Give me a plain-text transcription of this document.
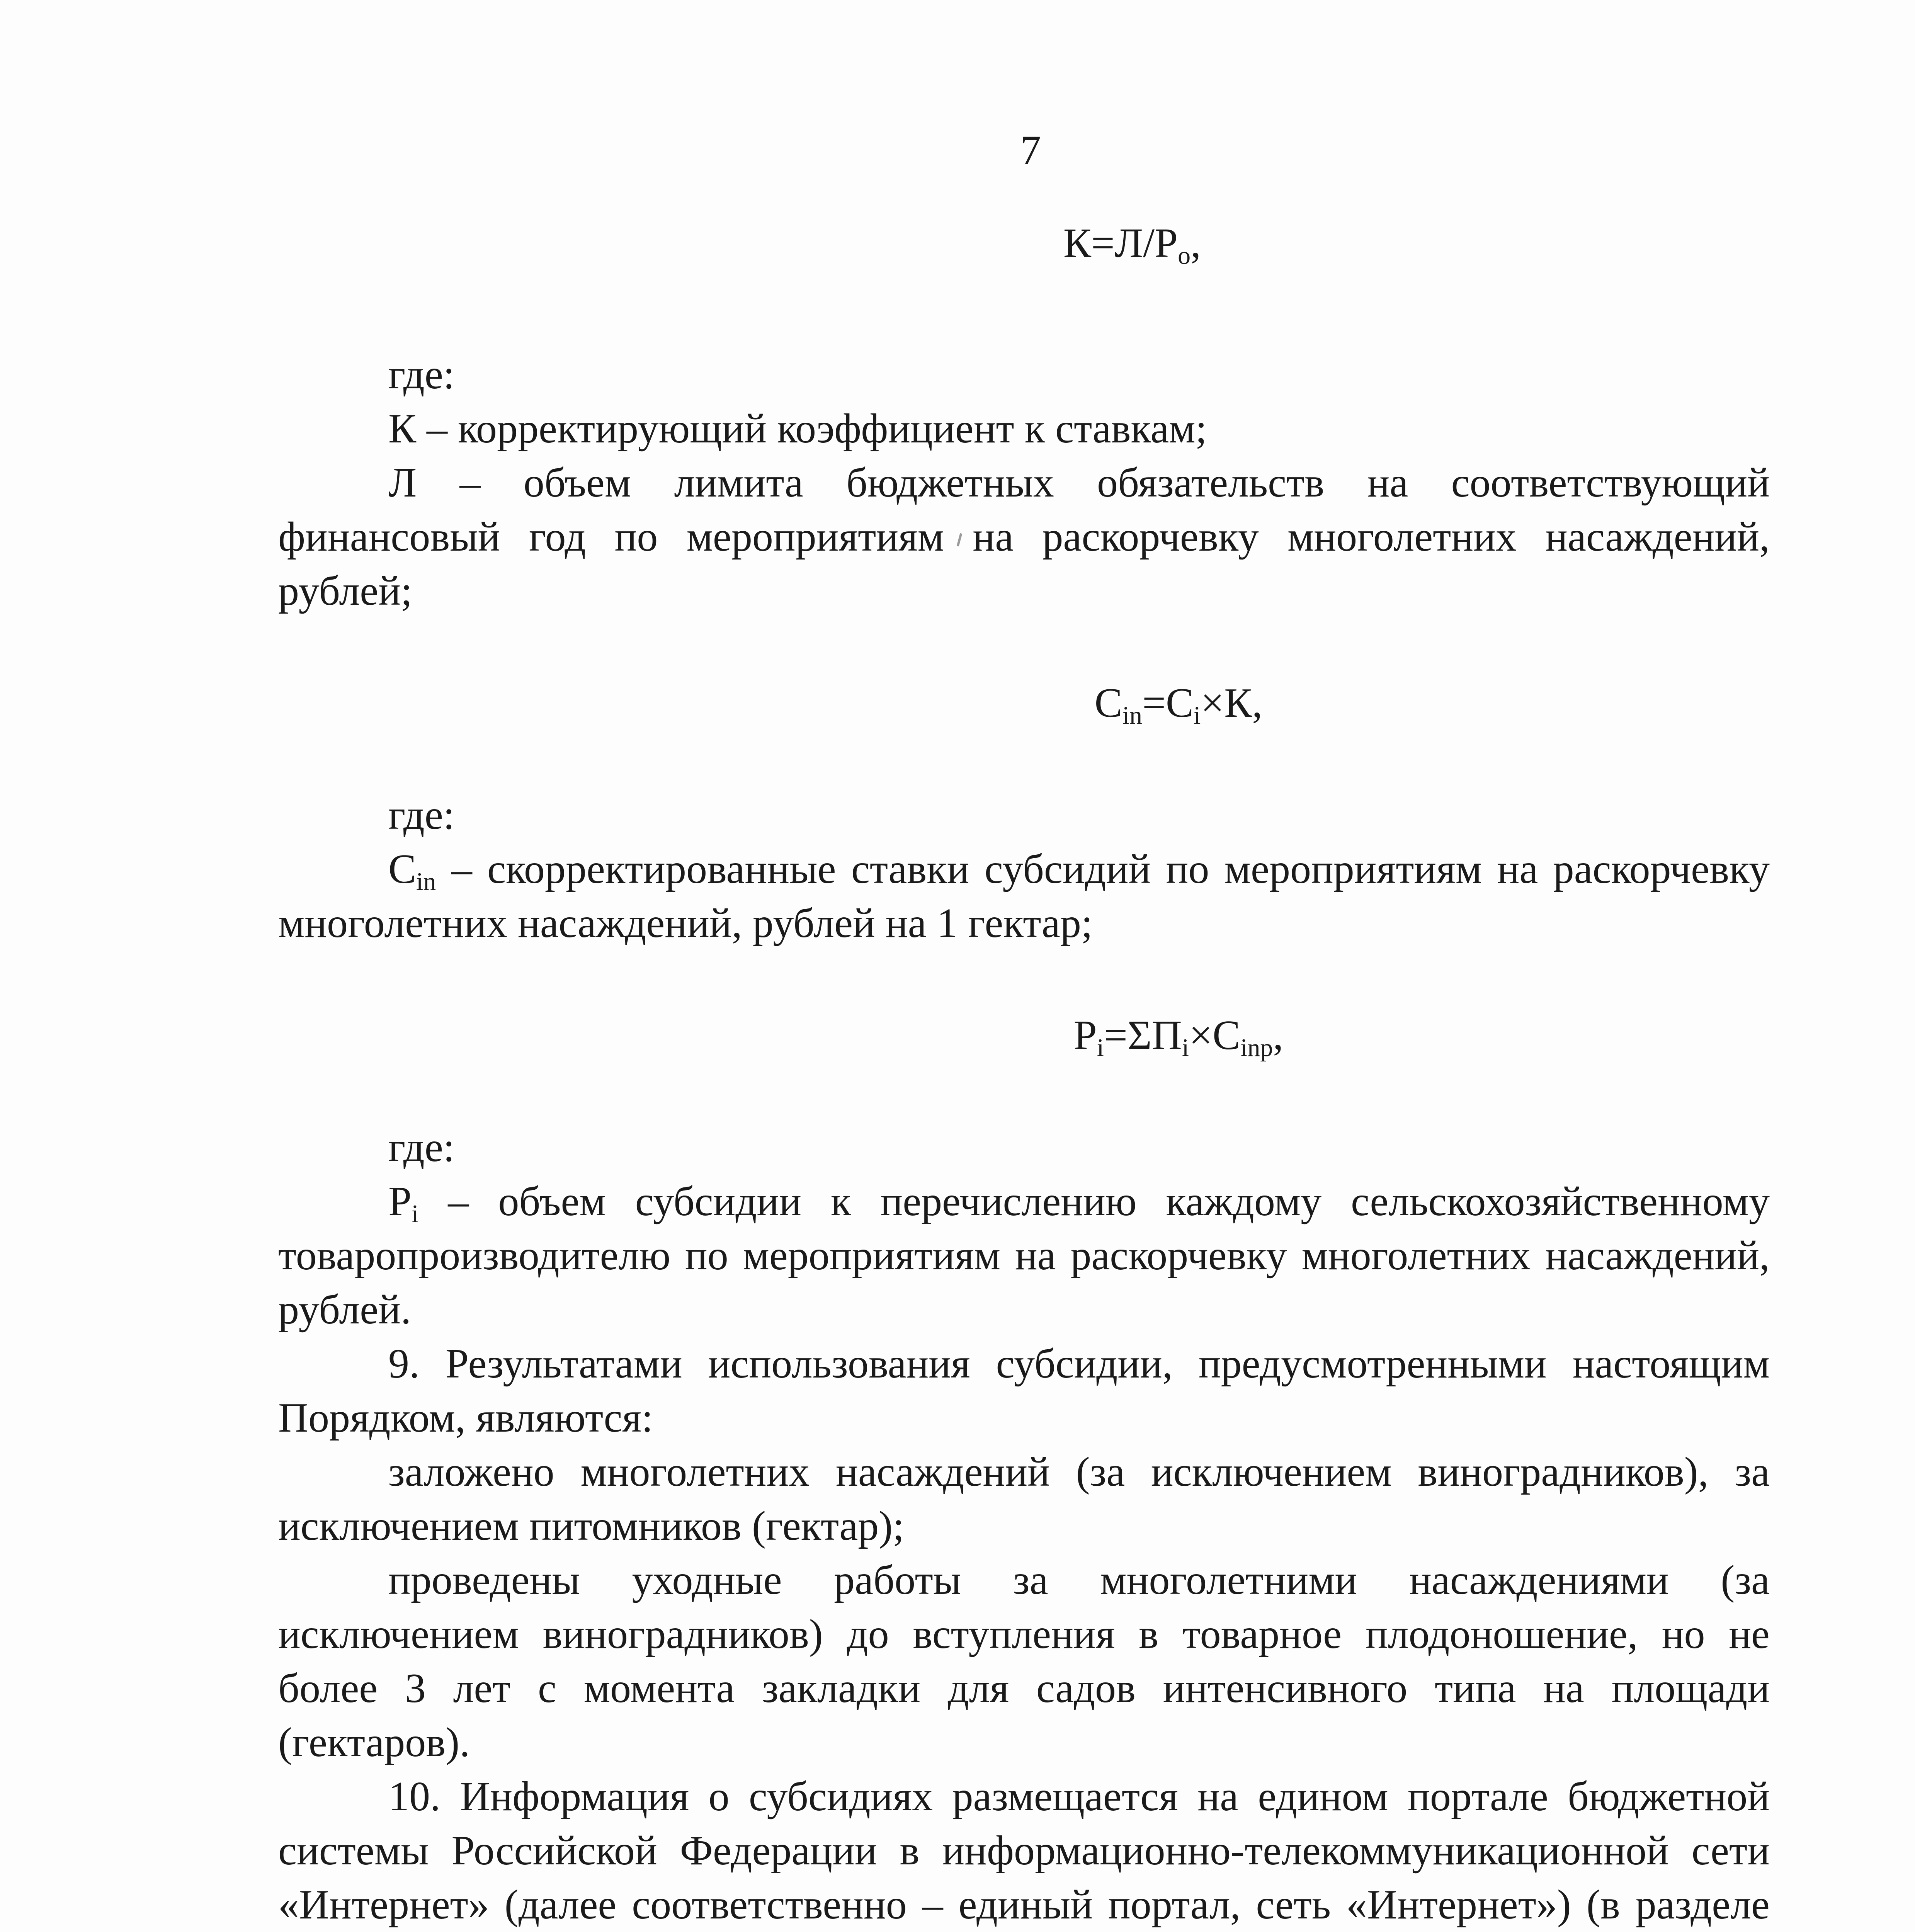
7
$К=Л/Р_о$,

где:

К – корректирующий коэффициент к ставкам;

Л – объем лимита бюджетных обязательств на соответствующий финансовый год по мероприятиям на раскорчевку многолетних насаждений, рублей;

$С_{in}=С_i\times К$,

где:

$С_{in}$ – скорректированные ставки субсидий по мероприятиям на раскорчевку многолетних насаждений, рублей на 1 гектар;

$Р_i=\Sigma П_i\times С_{inp}$,

где:

$Р_i$ – объем субсидии к перечислению каждому сельскохозяйственному товаропроизводителю по мероприятиям на раскорчевку многолетних насаждений, рублей.

9. Результатами использования субсидии, предусмотренными настоящим Порядком, являются:

заложено многолетних насаждений (за исключением виноградников), за исключением питомников (гектар);

проведены уходные работы за многолетними насаждениями (за исключением виноградников) до вступления в товарное плодоношение, но не более 3 лет с момента закладки для садов интенсивного типа на площади (гектаров).

10. Информация о субсидиях размещается на едином портале бюджетной системы Российской Федерации в информационно-телекоммуникационной сети «Интернет» (далее соответственно – единый портал, сеть «Интернет») (в разделе
